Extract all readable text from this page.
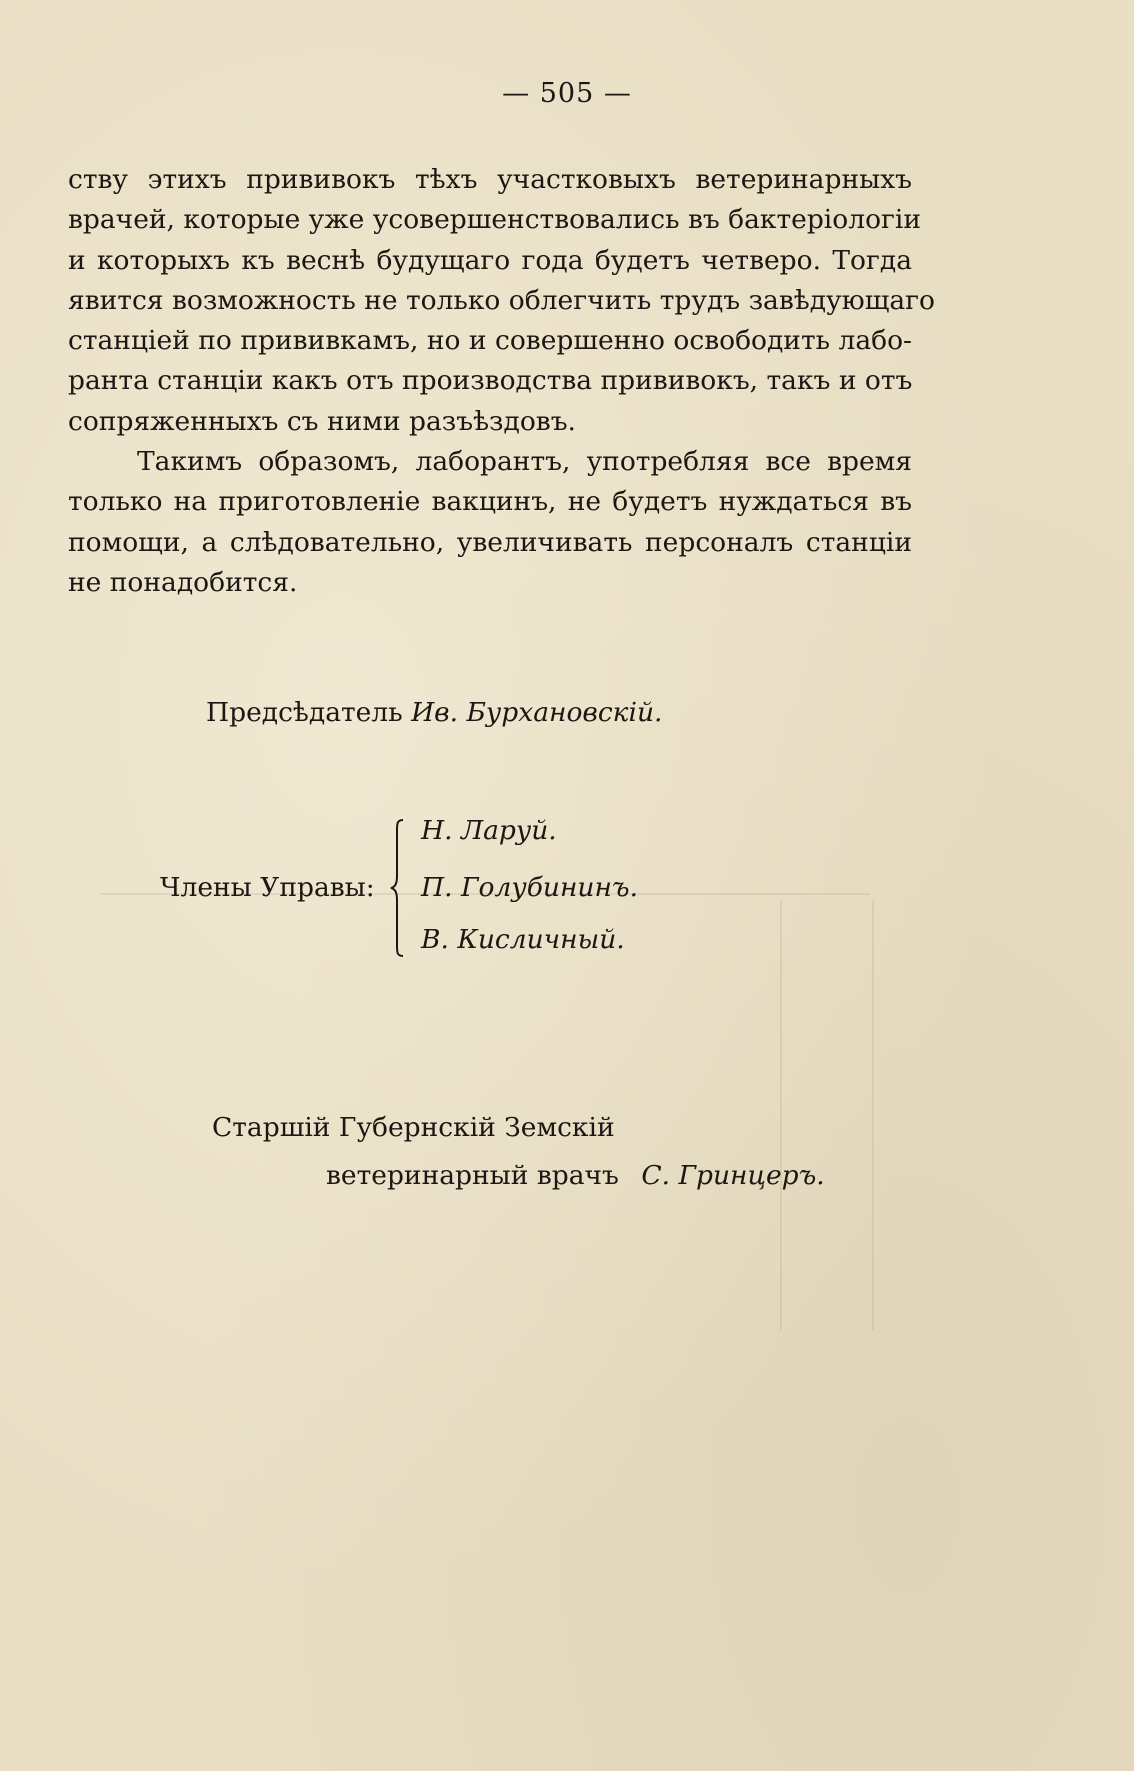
— 505 —

ству этихъ прививокъ тѣхъ участковыхъ ветеринарныхъ
врачей, которые уже усовершенствовались въ бактеріологіи
и которыхъ къ веснѣ будущаго года будетъ четверо. Тогда
явится возможность не только облегчить трудъ завѣдующаго
станціей по прививкамъ, но и совершенно освободить лабо-
ранта станціи какъ отъ производства прививокъ, такъ и отъ
сопряженныхъ съ ними разъѣздовъ.

Такимъ образомъ, лаборантъ, употребляя все время
только на приготовленіе вакцинъ, не будетъ нуждаться въ
помощи, а слѣдовательно, увеличивать персоналъ станціи
не понадобится.

Предсѣдатель Ив. Бурхановскій.
Члены Управы:
Н. Ларуй.
П. Голубининъ.
В. Кисличный.
Старшій Губернскій Земскій
ветеринарный врачъ С. Гринцеръ.
